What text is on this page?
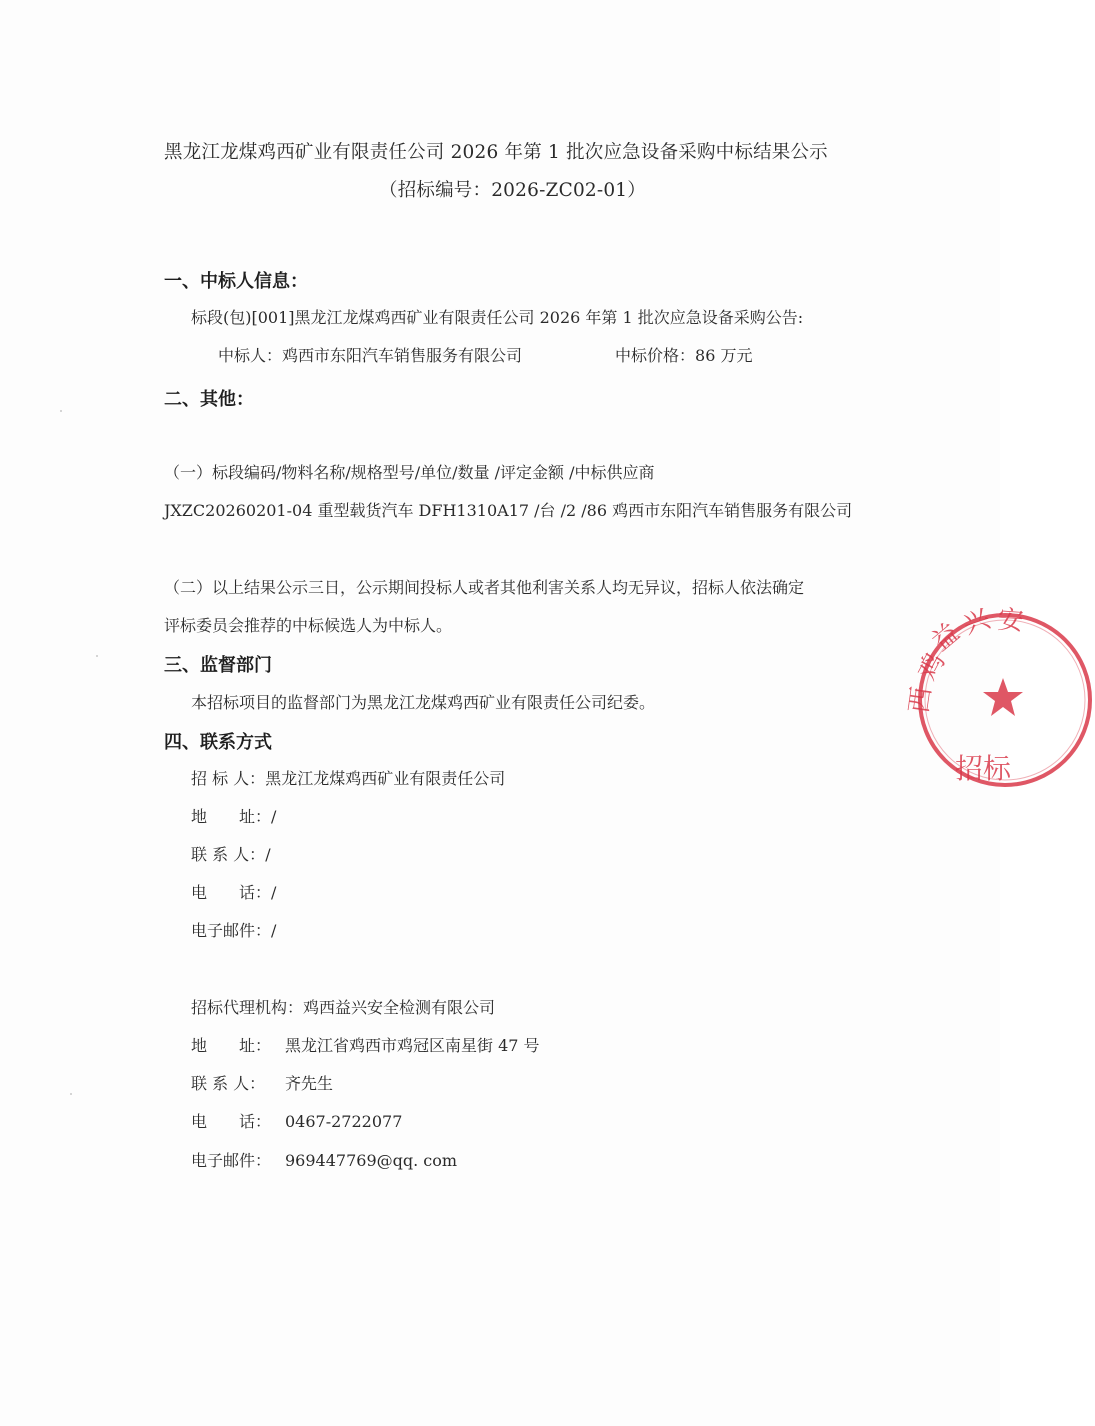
黑龙江龙煤鸡西矿业有限责任公司 2026 年第 1 批次应急设备采购中标结果公示
（招标编号：2026-ZC02-01）
一、中标人信息：
标段(包)[001]黑龙江龙煤鸡西矿业有限责任公司 2026 年第 1 批次应急设备采购公告:
中标人：鸡西市东阳汽车销售服务有限公司	中标价格：86 万元
二、其他：
（一）标段编码/物料名称/规格型号/单位/数量 /评定金额 /中标供应商
JXZC20260201-04 重型载货汽车 DFH1310A17 /台 /2 /86 鸡西市东阳汽车销售服务有限公司
（二）以上结果公示三日，公示期间投标人或者其他利害关系人均无异议，招标人依法确定
评标委员会推荐的中标候选人为中标人。
三、监督部门
本招标项目的监督部门为黑龙江龙煤鸡西矿业有限责任公司纪委。
四、联系方式
招 标 人：黑龙江龙煤鸡西矿业有限责任公司
地　　址：/
联 系 人：/
电　　话：/
电子邮件：/
招标代理机构：鸡西益兴安全检测有限公司
地　　址： 黑龙江省鸡西市鸡冠区南星街 47 号
联 系 人： 齐先生
电　　话： 0467-2722077
电子邮件： 969447769@qq. com
鸡
西
益
兴 安
招标
